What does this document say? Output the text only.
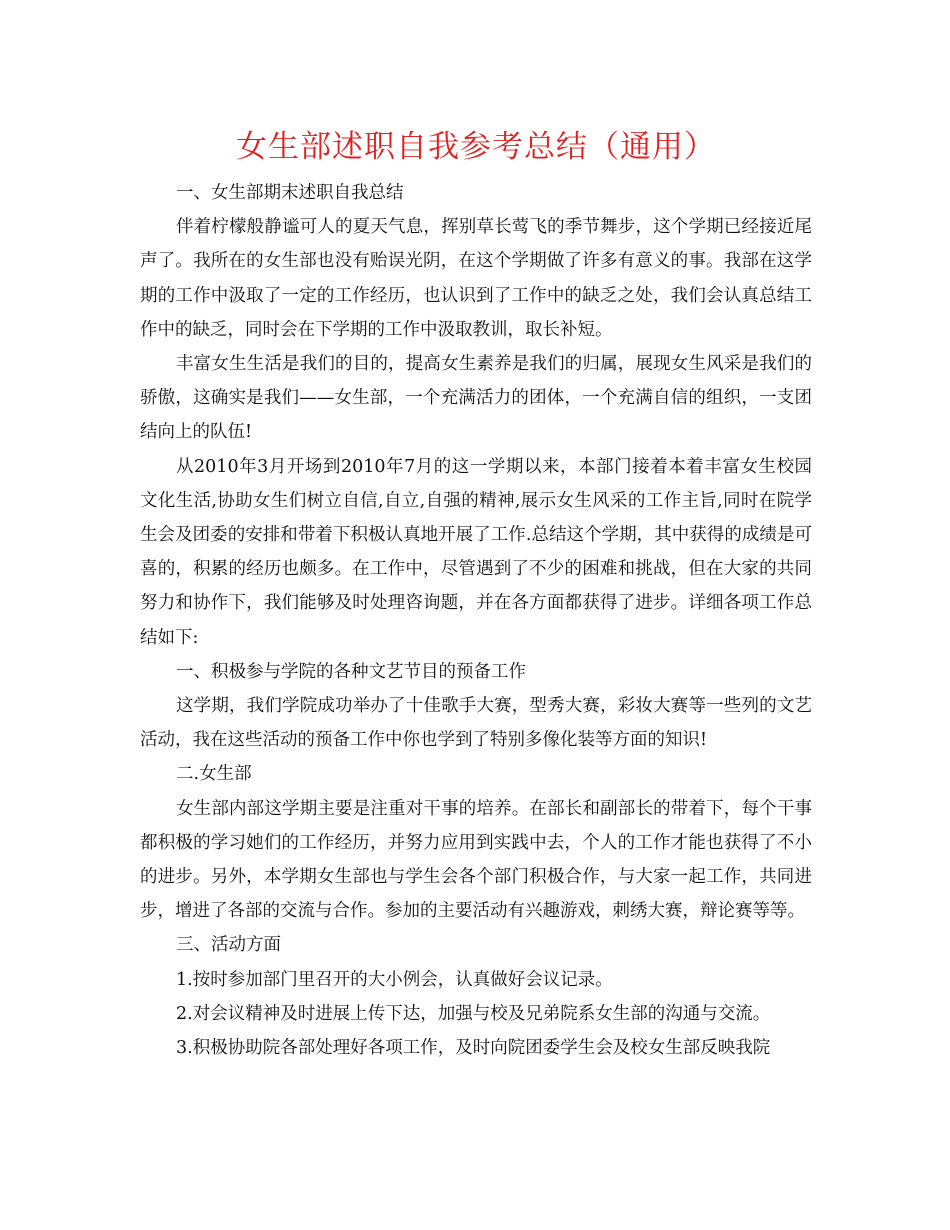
女生部述职自我参考总结（通用）

一、女生部期末述职自我总结

伴着柠檬般静谧可人的夏天气息，挥别草长莺飞的季节舞步，这个学期已经接近尾声了。我所在的女生部也没有贻误光阴，在这个学期做了许多有意义的事。我部在这学期的工作中汲取了一定的工作经历，也认识到了工作中的缺乏之处，我们会认真总结工作中的缺乏，同时会在下学期的工作中汲取教训，取长补短。

丰富女生生活是我们的目的，提高女生素养是我们的归属，展现女生风采是我们的骄傲，这确实是我们——女生部，一个充满活力的团体，一个充满自信的组织，一支团结向上的队伍!

从2010年3月开场到2010年7月的这一学期以来，本部门接着本着丰富女生校园文化生活,协助女生们树立自信,自立,自强的精神,展示女生风采的工作主旨,同时在院学生会及团委的安排和带着下积极认真地开展了工作.总结这个学期，其中获得的成绩是可喜的，积累的经历也颇多。在工作中，尽管遇到了不少的困难和挑战，但在大家的共同努力和协作下，我们能够及时处理咨询题，并在各方面都获得了进步。详细各项工作总结如下:

一、积极参与学院的各种文艺节目的预备工作

这学期，我们学院成功举办了十佳歌手大赛，型秀大赛，彩妆大赛等一些列的文艺活动，我在这些活动的预备工作中你也学到了特别多像化装等方面的知识!

二.女生部

女生部内部这学期主要是注重对干事的培养。在部长和副部长的带着下，每个干事都积极的学习她们的工作经历，并努力应用到实践中去，个人的工作才能也获得了不小的进步。另外，本学期女生部也与学生会各个部门积极合作，与大家一起工作，共同进步，增进了各部的交流与合作。参加的主要活动有兴趣游戏，刺绣大赛，辩论赛等等。

三、活动方面

1.按时参加部门里召开的大小例会，认真做好会议记录。

2.对会议精神及时进展上传下达，加强与校及兄弟院系女生部的沟通与交流。

3.积极协助院各部处理好各项工作，及时向院团委学生会及校女生部反映我院
